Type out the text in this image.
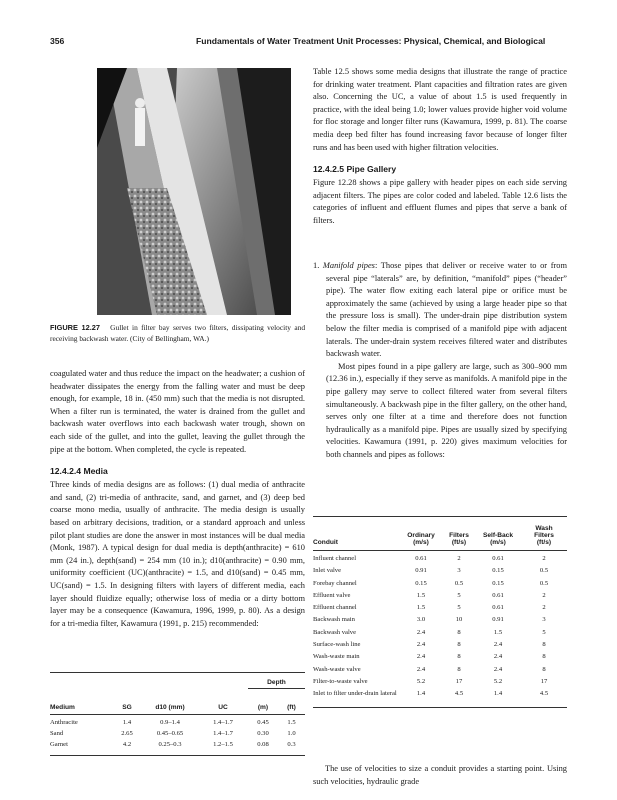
356	Fundamentals of Water Treatment Unit Processes: Physical, Chemical, and Biological
FIGURE 12.27 Gullet in filter bay serves two filters, dissipating velocity and receiving backwash water. (City of Bellingham, WA.)

coagulated water and thus reduce the impact on the headwater; a cushion of headwater dissipates the energy from the falling water and must be deep enough, for example, 18 in. (450 mm) such that the media is not disrupted. When a filter run is terminated, the water is drained from the gullet and backwash water overflows into each backwash water trough, shown on each side of the gullet, and into the gullet, leaving the gullet through the pipe at the bottom. When completed, the cycle is repeated.

12.4.2.4 Media

Three kinds of media designs are as follows: (1) dual media of anthracite and sand, (2) tri-media of anthracite, sand, and garnet, and (3) deep bed coarse mono media, usually of anthracite. The media design is usually based on arbitrary decisions, tradition, or a standard approach and unless pilot plant studies are done the answer in most instances will be dual media (Monk, 1987). A typical design for dual media is depth(anthracite) = 610 mm (24 in.), depth(sand) = 254 mm (10 in.); d10(anthracite) = 0.90 mm, uniformity coefficient (UC)(anthracite) = 1.5, and d10(sand) = 0.45 mm, UC(sand) = 1.5. In designing filters with layers of different media, each layer should fluidize equally; otherwise loss of media or a dirty bottom layer may be a consequence (Kawamura, 1996, 1999, p. 80). As a design for a tri-media filter, Kawamura (1991, p. 215) recommended:

				Depth	

Medium	SG	d10 (mm)	UC	(m)	(ft)

Anthracite	1.4	0.9–1.4	1.4–1.7	0.45	1.5
Sand	2.65	0.45–0.65	1.4–1.7	0.30	1.0
Garnet	4.2	0.25–0.3	1.2–1.5	0.08	0.3

Table 12.5 shows some media designs that illustrate the range of practice for drinking water treatment. Plant capacities and filtration rates are given also. Concerning the UC, a value of about 1.5 is used frequently in practice, with the ideal being 1.0; lower values provide higher void volume for floc storage and longer filter runs (Kawamura, 1999, p. 81). The coarse media deep bed filter has found increasing favor because of longer filter runs and has been used with higher filtration velocities.

12.4.2.5 Pipe Gallery

Figure 12.28 shows a pipe gallery with header pipes on each side serving adjacent filters. The pipes are color coded and labeled. Table 12.6 lists the categories of influent and effluent flumes and pipes that serve a bank of filters.

1. Manifold pipes: Those pipes that deliver or receive water to or from several pipe “laterals” are, by definition, “manifold” pipes (“header” pipe). The water flow exiting each lateral pipe or orifice must be approximately the same (achieved by using a large header pipe so that the pressure loss is small). The under-drain pipe distribution system below the filter media is comprised of a manifold pipe with adjacent laterals. The under-drain system receives filtered water and distributes backwash water.

Most pipes found in a pipe gallery are large, such as 300–900 mm (12.36 in.), especially if they serve as manifolds. A manifold pipe in the pipe gallery may serve to collect filtered water from several filters simultaneously. A backwash pipe in the filter gallery, on the other hand, serves only one filter at a time and therefore does not function hydraulically as a manifold pipe. Pipes are usually sized by specifying velocities. Kawamura (1991, p. 220) gives maximum velocities for both channels and pipes as follows:

				Wash
	Ordinary	Filters	Self-Back	Filters
Conduit	(m/s)	(ft/s)	(m/s)	(ft/s)

Influent channel	0.61	2	0.61	2
Inlet valve	0.91	3	0.15	0.5
Forebay channel	0.15	0.5	0.15	0.5
Effluent valve	1.5	5	0.61	2
Effluent channel	1.5	5	0.61	2
Backwash main	3.0	10	0.91	3
Backwash valve	2.4	8	1.5	5
Surface-wash line	2.4	8	2.4	8
Wash-waste main	2.4	8	2.4	8
Wash-waste valve	2.4	8	2.4	8
Filter-to-waste valve	5.2	17	5.2	17
Inlet to filter under-drain lateral	1.4	4.5	1.4	4.5

The use of velocities to size a conduit provides a starting point. Using such velocities, hydraulic grade
